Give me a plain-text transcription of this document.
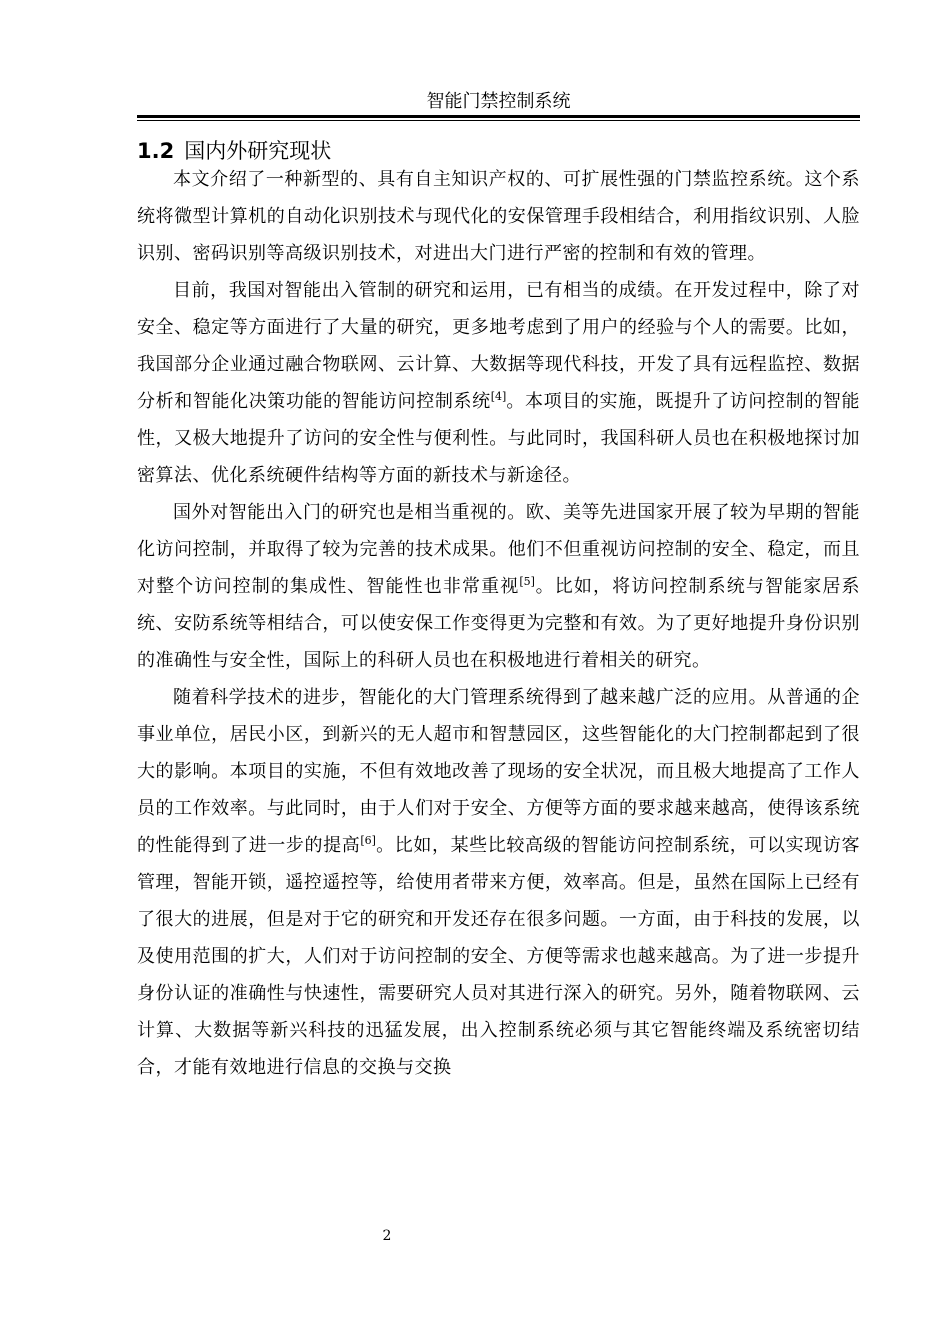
智能门禁控制系统
1.2 国内外研究现状

本文介绍了一种新型的、具有自主知识产权的、可扩展性强的门禁监控系统。这个系统将微型计算机的自动化识别技术与现代化的安保管理手段相结合，利用指纹识别、人脸识别、密码识别等高级识别技术，对进出大门进行严密的控制和有效的管理。

目前，我国对智能出入管制的研究和运用，已有相当的成绩。在开发过程中，除了对安全、稳定等方面进行了大量的研究，更多地考虑到了用户的经验与个人的需要。比如，我国部分企业通过融合物联网、云计算、大数据等现代科技，开发了具有远程监控、数据分析和智能化决策功能的智能访问控制系统[4]。本项目的实施，既提升了访问控制的智能性，又极大地提升了访问的安全性与便利性。与此同时，我国科研人员也在积极地探讨加密算法、优化系统硬件结构等方面的新技术与新途径。

国外对智能出入门的研究也是相当重视的。欧、美等先进国家开展了较为早期的智能化访问控制，并取得了较为完善的技术成果。他们不但重视访问控制的安全、稳定，而且对整个访问控制的集成性、智能性也非常重视[5]。比如，将访问控制系统与智能家居系统、安防系统等相结合，可以使安保工作变得更为完整和有效。为了更好地提升身份识别的准确性与安全性，国际上的科研人员也在积极地进行着相关的研究。

随着科学技术的进步，智能化的大门管理系统得到了越来越广泛的应用。从普通的企事业单位，居民小区，到新兴的无人超市和智慧园区，这些智能化的大门控制都起到了很大的影响。本项目的实施，不但有效地改善了现场的安全状况，而且极大地提高了工作人员的工作效率。与此同时，由于人们对于安全、方便等方面的要求越来越高，使得该系统的性能得到了进一步的提高[6]。比如，某些比较高级的智能访问控制系统，可以实现访客管理，智能开锁，遥控遥控等，给使用者带来方便，效率高。但是，虽然在国际上已经有了很大的进展，但是对于它的研究和开发还存在很多问题。一方面，由于科技的发展，以及使用范围的扩大，人们对于访问控制的安全、方便等需求也越来越高。为了进一步提升身份认证的准确性与快速性，需要研究人员对其进行深入的研究。另外，随着物联网、云计算、大数据等新兴科技的迅猛发展，出入控制系统必须与其它智能终端及系统密切结合，才能有效地进行信息的交换与交换

2
